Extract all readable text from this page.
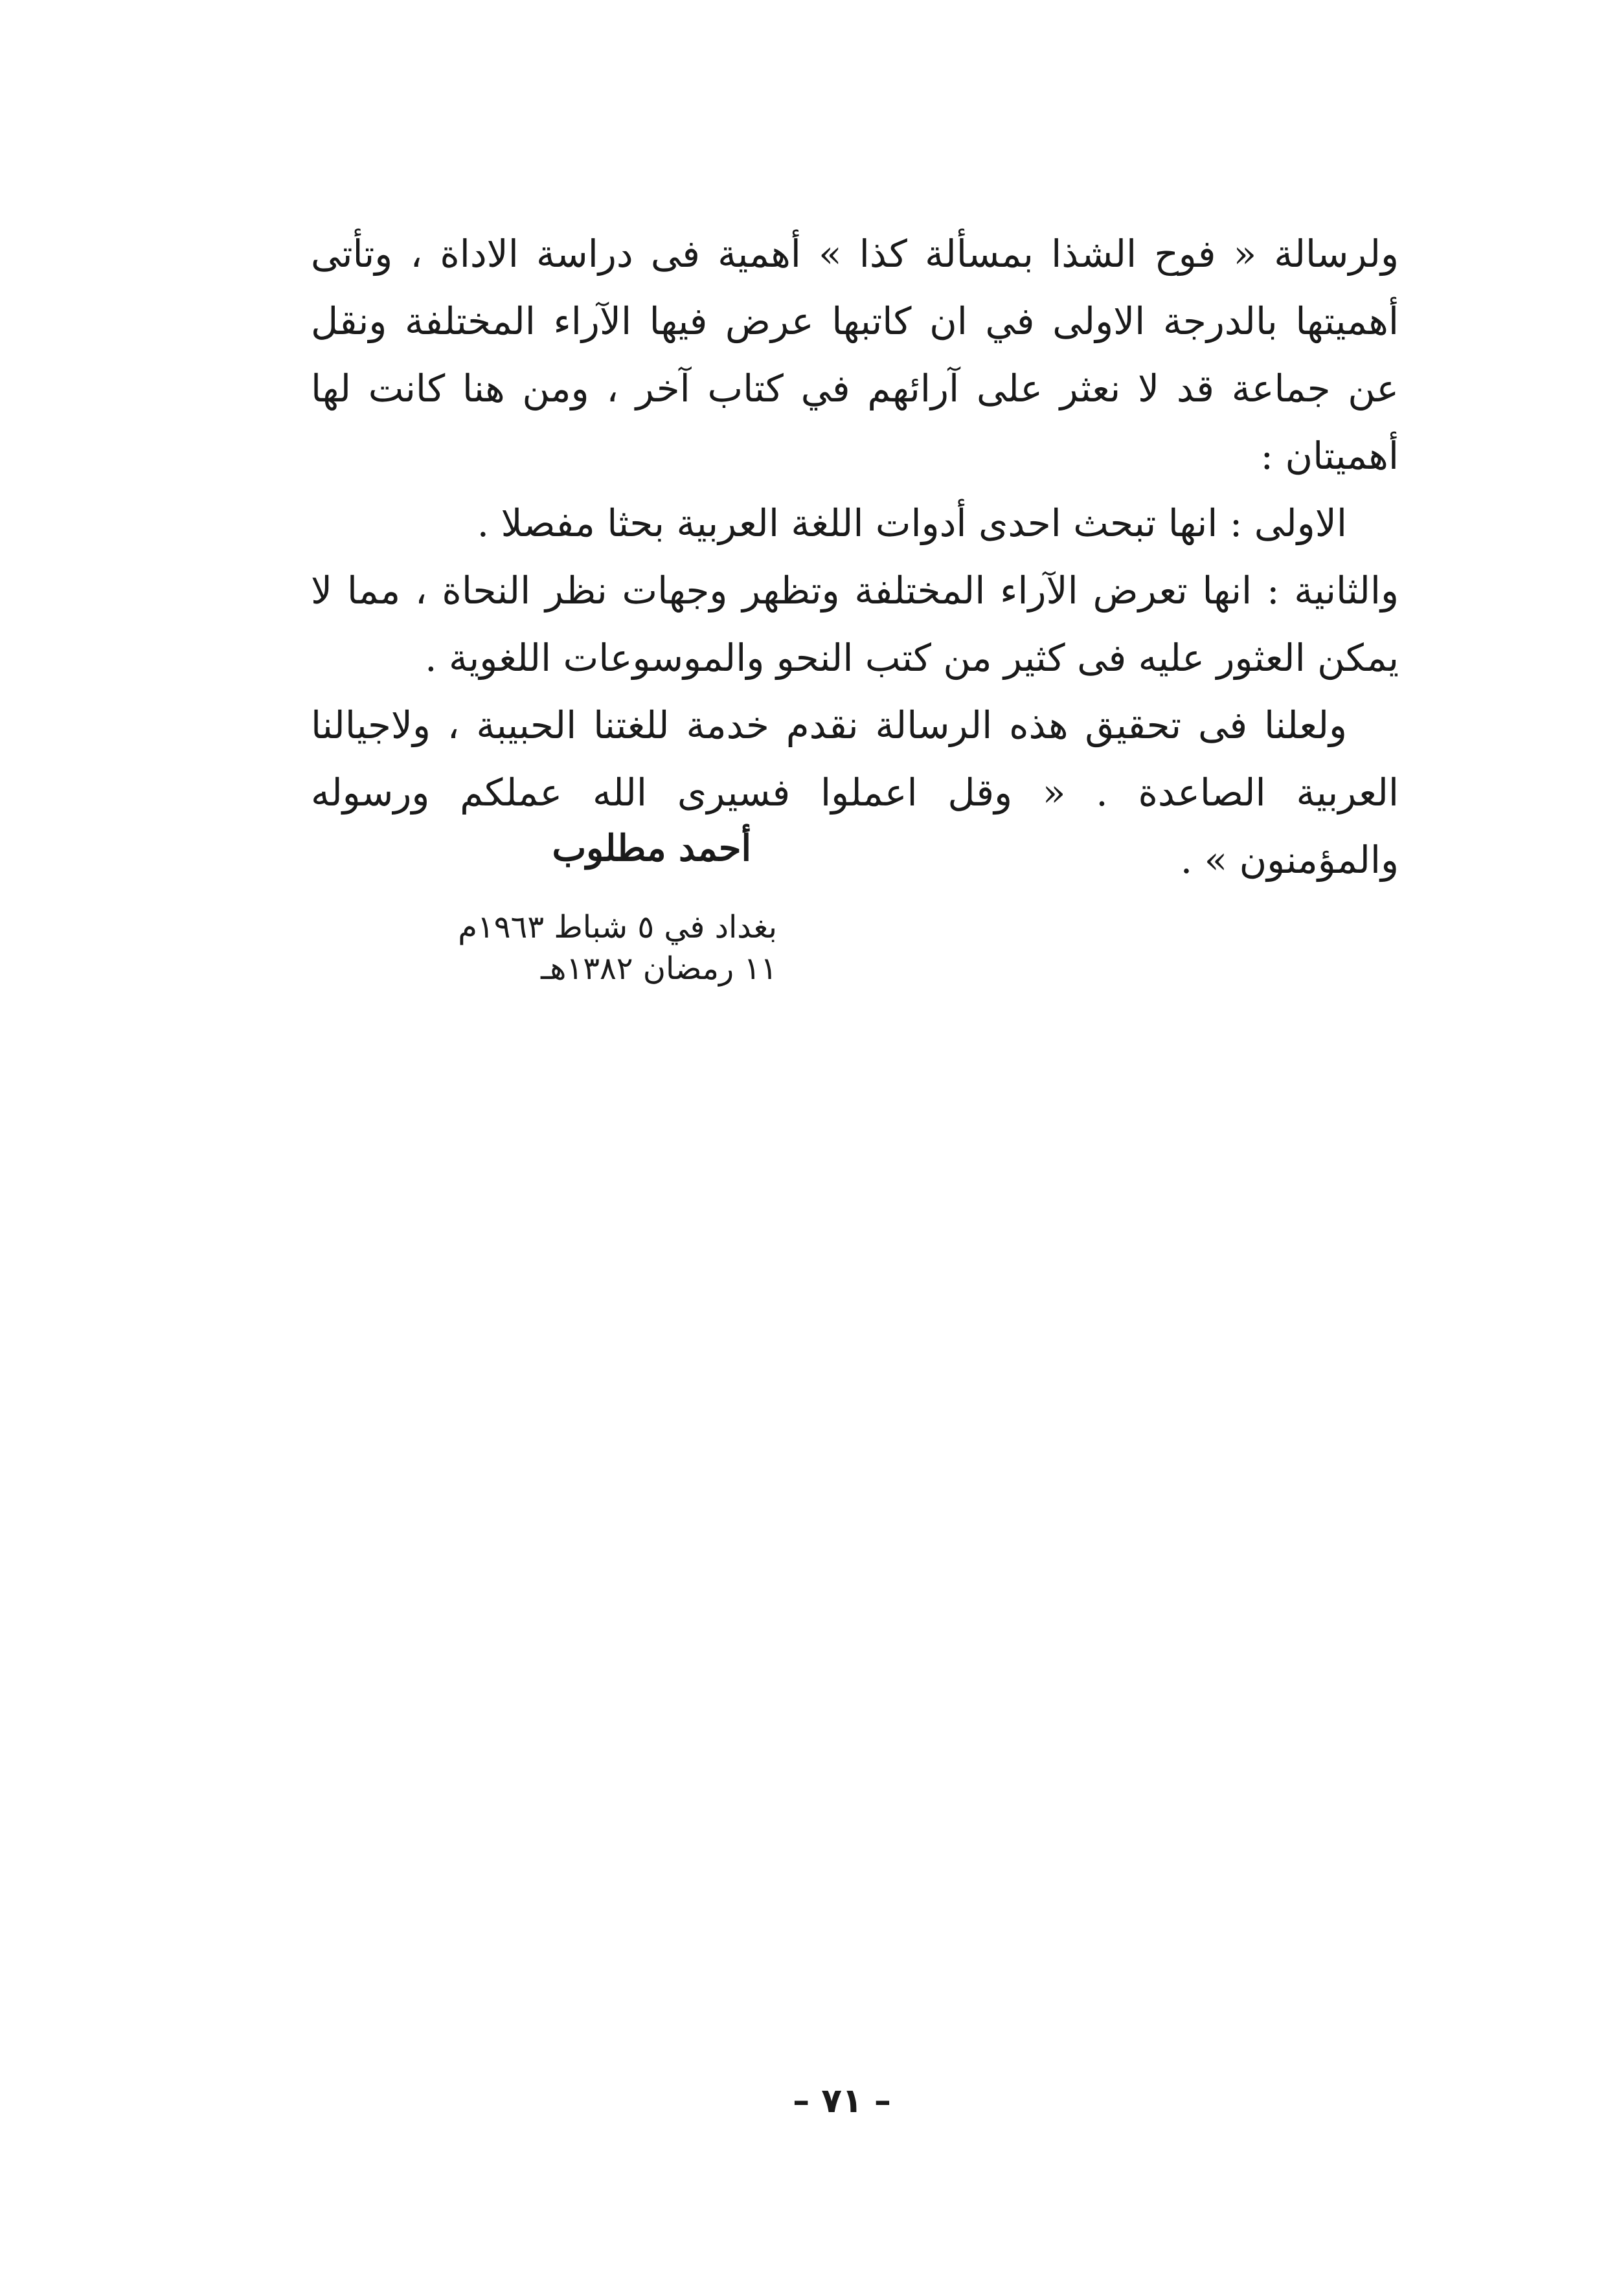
ولرسالة « فوح الشذا بمسألة كذا » أهمية فى دراسة الاداة ، وتأتى أهميتها بالدرجة الاولى في ان كاتبها عرض فيها الآراء المختلفة ونقل عن جماعة قد لا نعثر على آرائهم في كتاب آخر ، ومن هنا كانت لها أهميتان :

الاولى : انها تبحث احدى أدوات اللغة العربية بحثا مفصلا .

والثانية : انها تعرض الآراء المختلفة وتظهر وجهات نظر النحاة ، مما لا يمكن العثور عليه فى كثير من كتب النحو والموسوعات اللغوية .

ولعلنا فى تحقيق هذه الرسالة نقدم خدمة للغتنا الحبيبة ، ولاجيالنا العربية الصاعدة . « وقل اعملوا فسيرى الله عملكم ورسوله والمؤمنون » .

أحمد مطلوب

بغداد في ٥ شباط ١٩٦٣م

١١ رمضان ١٣٨٢هـ

– ٧١ –
